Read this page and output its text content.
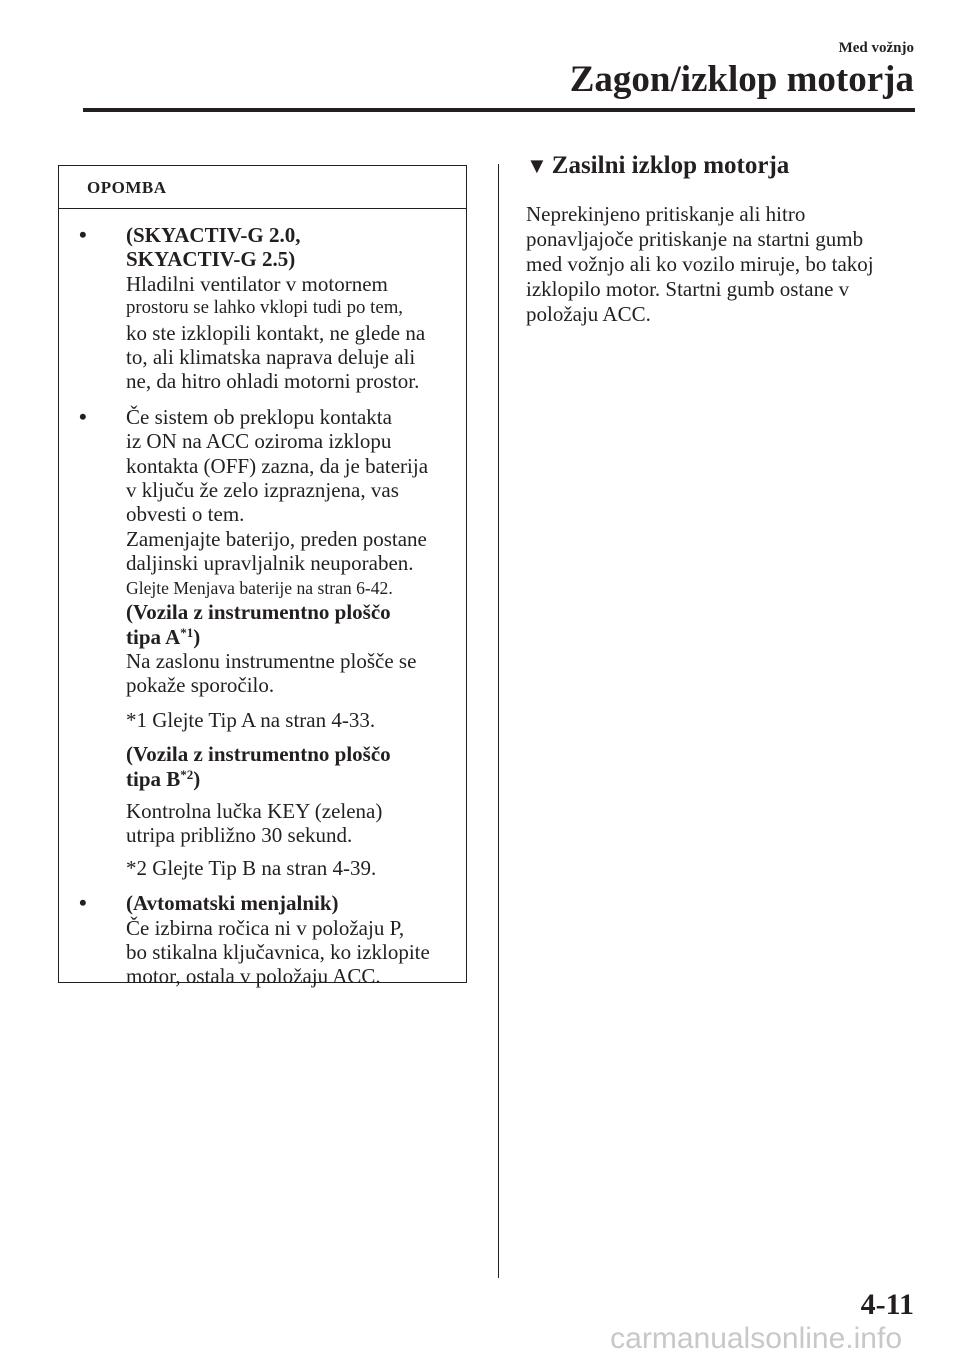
Med vožnjo
Zagon/izklop motorja
OPOMBA
• (SKYACTIV-G 2.0,
SKYACTIV-G 2.5)
Hladilni ventilator v motornem
prostoru se lahko vklopi tudi po tem,
ko ste izklopili kontakt, ne glede na
to, ali klimatska naprava deluje ali
ne, da hitro ohladi motorni prostor.
• Če sistem ob preklopu kontakta
iz ON na ACC oziroma izklopu
kontakta (OFF) zazna, da je baterija
v ključu že zelo izpraznjena, vas
obvesti o tem.
Zamenjajte baterijo, preden postane
daljinski upravljalnik neuporaben.
Glejte Menjava baterije na stran 6-42.
(Vozila z instrumentno ploščo
tipa $A^{*1}$)
Na zaslonu instrumentne plošče se
pokaže sporočilo.
*1 Glejte Tip A na stran 4-33.
(Vozila z instrumentno ploščo
tipa $B^{*2}$)
Kontrolna lučka KEY (zelena)
utripa približno 30 sekund.
*2 Glejte Tip B na stran 4-39.
• (Avtomatski menjalnik)
Če izbirna ročica ni v položaju P,
bo stikalna ključavnica, ko izklopite
motor, ostala v položaju ACC.
▼ Zasilni izklop motorja
Neprekinjeno pritiskanje ali hitro
ponavljajoče pritiskanje na startni gumb
med vožnjo ali ko vozilo miruje, bo takoj
izklopilo motor. Startni gumb ostane v
položaju ACC.
4-11
carmanualsonline.info
